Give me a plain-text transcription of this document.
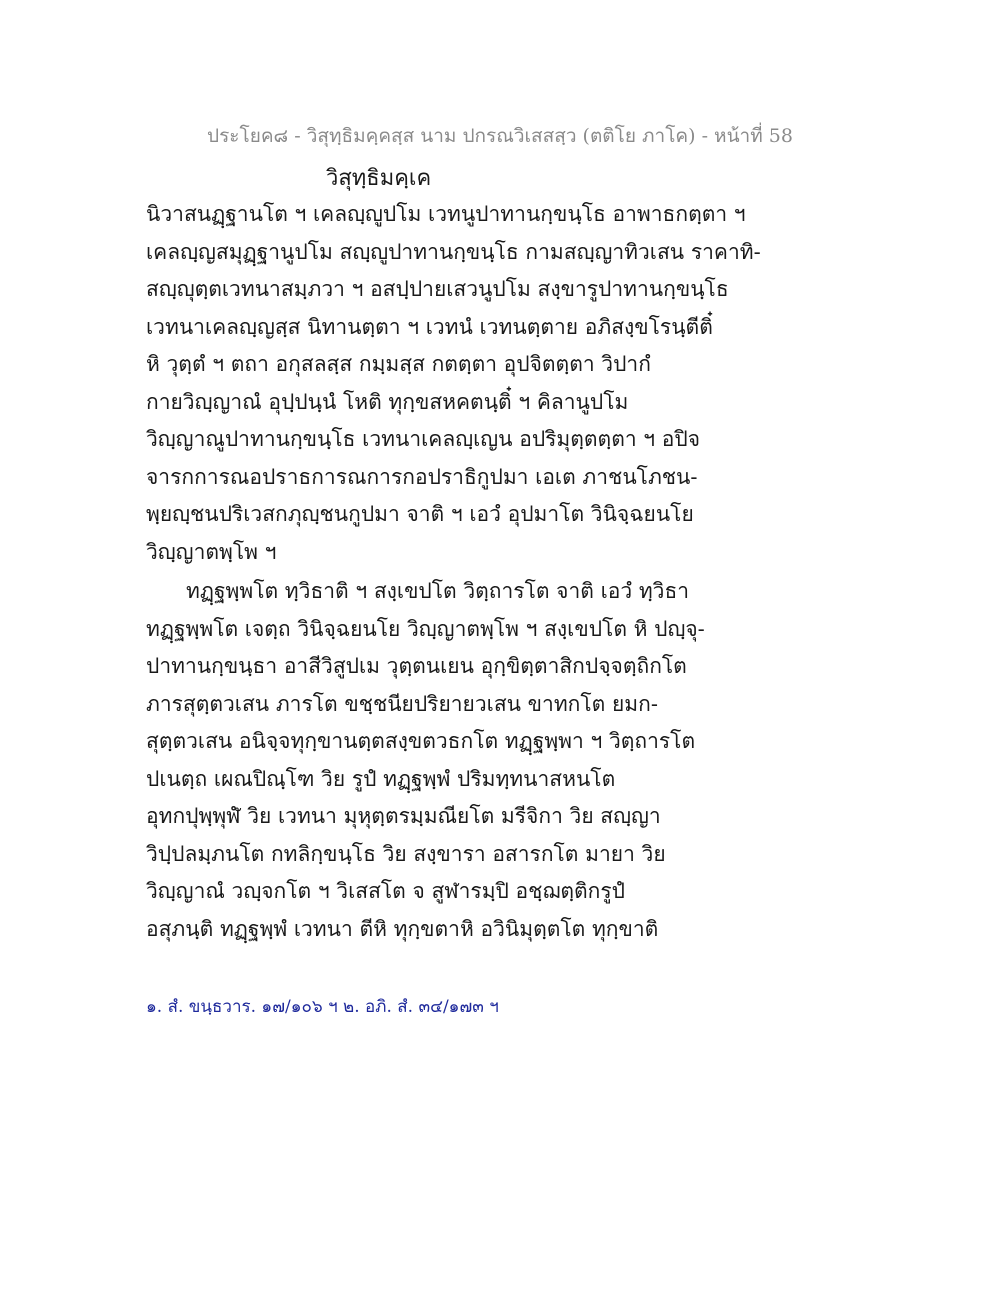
ประโยค๘ - วิสุทฺธิมคฺคสฺส นาม ปกรณวิเสสสฺว (ตติโย ภาโค) - หน้าที่ 58
วิสุทฺธิมคฺเค
นิวาสนฏฺฐานโต ฯ เคลญฺญูปโม เวทนูปาทานกฺขนฺโธ อาพาธกตฺตา ฯ
เคลญฺญสมุฏฺฐานูปโม สญฺญูปาทานกฺขนฺโธ กามสญฺญาทิวเสน ราคาทิ-
สญฺญุตฺตเวทนาสมฺภวา ฯ อสปฺปายเสวนูปโม สงฺขารูปาทานกฺขนฺโธ
เวทนาเคลญฺญสฺส นิทานตฺตา ฯ เวทนํ เวทนตฺตาย อภิสงฺขโรนฺตีติ๋
หิ วุตฺตํ ฯ ตถา อกุสลสฺส กมฺมสฺส กตตฺตา อุปจิตตฺตา วิปากํ
กายวิญฺญาณํ อุปฺปนฺนํ โหติ ทุกฺขสหคตนฺติ๋ ฯ คิลานูปโม
วิญฺญาณูปาทานกฺขนฺโธ เวทนาเคลญฺเญน อปริมุตฺตตฺตา ฯ อปิจ
จารกการณอปราธการณการกอปราธิกูปมา เอเต ภาชนโภชน-
พฺยญฺชนปริเวสกภุญฺชนกูปมา จาติ ฯ เอวํ อุปมาโต วินิจฺฉยนโย
วิญฺญาตพฺโพ ฯ
ทฏฺฐพฺพโต ทฺวิธาติ ฯ สงฺเขปโต วิตฺถารโต จาติ เอวํ ทฺวิธา
ทฏฺฐพฺพโต เจตฺถ วินิจฺฉยนโย วิญฺญาตพฺโพ ฯ สงฺเขปโต หิ ปญฺจุ-
ปาทานกฺขนฺธา อาสีวิสูปเม วุตฺตนเยน อุกฺขิตฺตาสิกปจฺจตฺถิกโต
ภารสุตฺตวเสน ภารโต ขชฺชนียปริยายวเสน ขาทกโต ยมก-
สุตฺตวเสน อนิจฺจทุกฺขานตฺตสงฺขตวธกโต ทฏฺฐพฺพา ฯ วิตฺถารโต
ปเนตฺถ เผณปิณฺโฑ วิย รูปํ ทฏฺฐพฺพํ ปริมทฺทนาสหนโต
อุทกปุพฺพุฬํ วิย เวทนา มุหุตฺตรมฺมณียโต มรีจิกา วิย สญฺญา
วิปฺปลมฺภนโต กทลิกฺขนฺโธ วิย สงฺขารา อสารกโต มายา วิย
วิญฺญาณํ วญฺจกโต ฯ วิเสสโต จ สูฬารมฺปิ อชฺฌตฺติกรูปํ
อสุภนฺติ ทฏฺฐพฺพํ เวทนา ตีหิ ทุกฺขตาหิ อวินิมุตฺตโต ทุกฺขาติ
๑. สํ. ขนฺธวาร. ๑๗/๑๐๖ ฯ ๒. อภิ. สํ. ๓๔/๑๗๓ ฯ
